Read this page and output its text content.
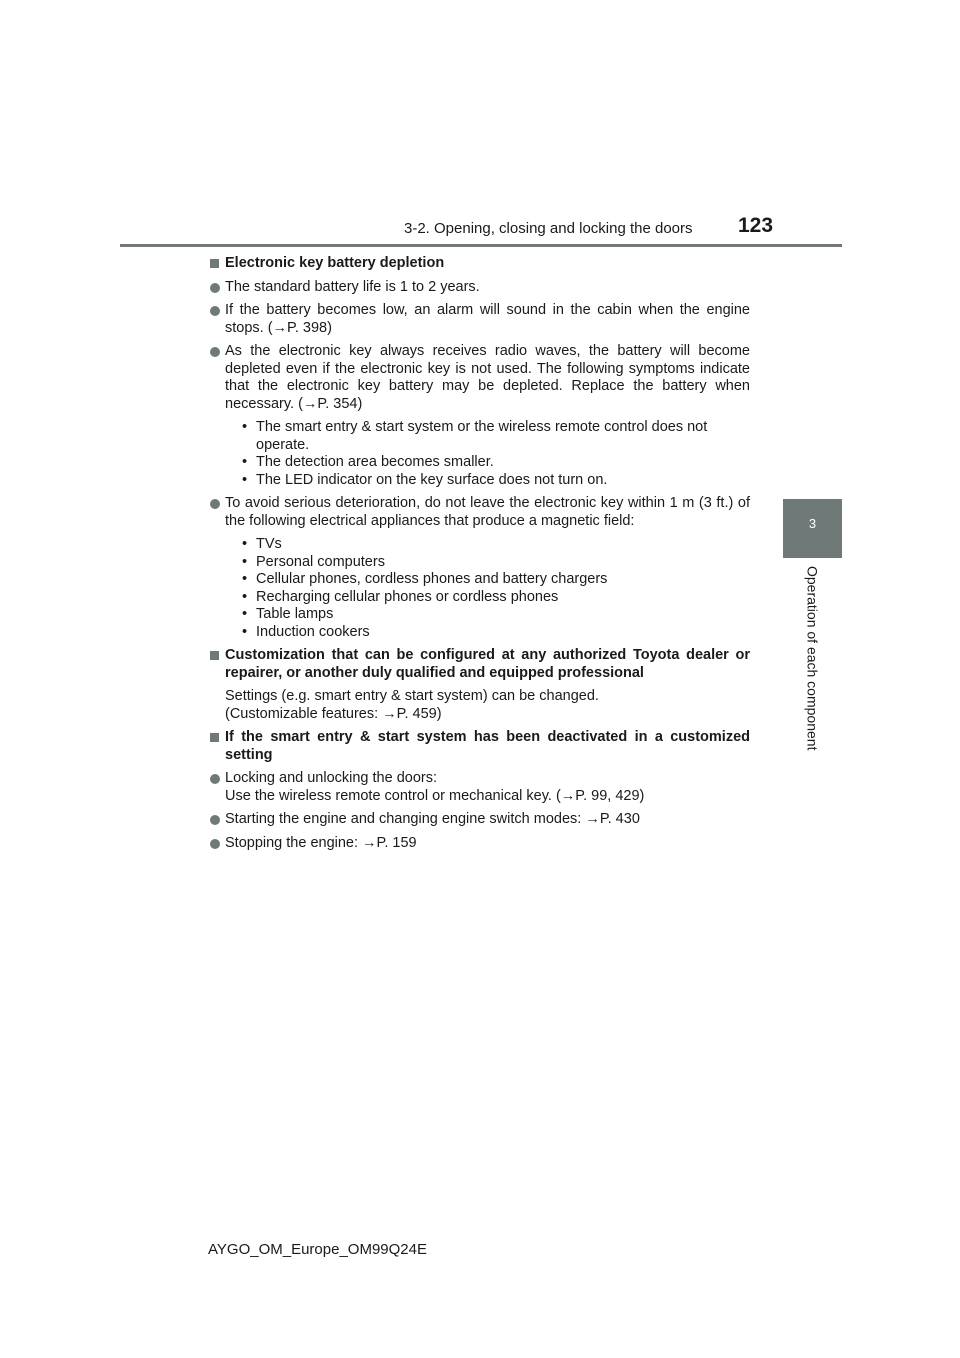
3-2. Opening, closing and locking the doors 123
3
Operation of each component
Electronic key battery depletion
The standard battery life is 1 to 2 years.
If the battery becomes low, an alarm will sound in the cabin when the engine stops. (→P. 398)
As the electronic key always receives radio waves, the battery will become depleted even if the electronic key is not used. The following symptoms indicate that the electronic key battery may be depleted. Replace the battery when necessary. (→P. 354)
• The smart entry & start system or the wireless remote control does not operate.
• The detection area becomes smaller.
• The LED indicator on the key surface does not turn on.
To avoid serious deterioration, do not leave the electronic key within 1 m (3 ft.) of the following electrical appliances that produce a magnetic field:
• TVs
• Personal computers
• Cellular phones, cordless phones and battery chargers
• Recharging cellular phones or cordless phones
• Table lamps
• Induction cookers
Customization that can be configured at any authorized Toyota dealer or repairer, or another duly qualified and equipped professional
Settings (e.g. smart entry & start system) can be changed.
(Customizable features: →P. 459)
If the smart entry & start system has been deactivated in a customized setting
Locking and unlocking the doors:
Use the wireless remote control or mechanical key. (→P. 99, 429)
Starting the engine and changing engine switch modes: →P. 430
Stopping the engine: →P. 159
AYGO_OM_Europe_OM99Q24E
